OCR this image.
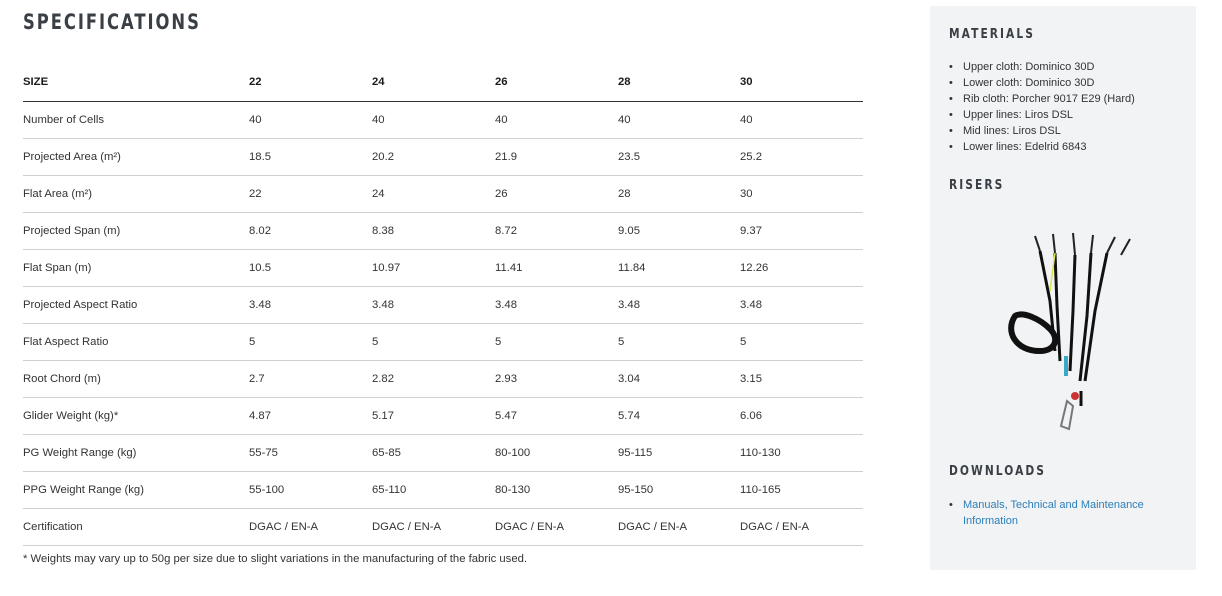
SPECIFICATIONS
SIZE	22	24	26	28	30
Number of Cells	40	40	40	40	40
Projected Area (m²)	18.5	20.2	21.9	23.5	25.2
Flat Area (m²)	22	24	26	28	30
Projected Span (m)	8.02	8.38	8.72	9.05	9.37
Flat Span (m)	10.5	10.97	11.41	11.84	12.26
Projected Aspect Ratio	3.48	3.48	3.48	3.48	3.48
Flat Aspect Ratio	5	5	5	5	5
Root Chord (m)	2.7	2.82	2.93	3.04	3.15
Glider Weight (kg)*	4.87	5.17	5.47	5.74	6.06
PG Weight Range (kg)	55-75	65-85	80-100	95-115	110-130
PPG Weight Range (kg)	55-100	65-110	80-130	95-150	110-165
Certification	DGAC / EN-A	DGAC / EN-A	DGAC / EN-A	DGAC / EN-A	DGAC / EN-A
* Weights may vary up to 50g per size due to slight variations in the manufacturing of the fabric used.
MATERIALS
• Upper cloth: Dominico 30D
• Lower cloth: Dominico 30D
• Rib cloth: Porcher 9017 E29 (Hard)
• Upper lines: Liros DSL
• Mid lines: Liros DSL
• Lower lines: Edelrid 6843
RISERS
DOWNLOADS
• Manuals, Technical and Maintenance Information
